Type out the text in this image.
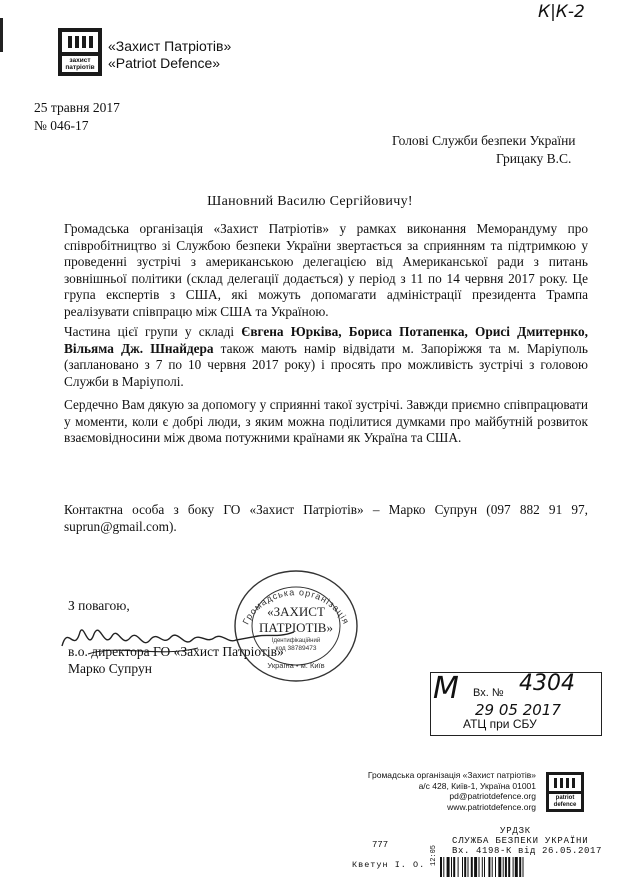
К|К-2
захист патріотів
«Захист Патріотів»
«Patriot Defence»
25 травня 2017
№ 046-17
Голові Служби безпеки України
Грицаку В.С.
Шановний Василю Сергійовичу!
Громадська організація «Захист Патріотів» у рамках виконання Меморандуму про співробітництво зі Службою безпеки України звертається за сприянням та підтримкою у проведенні зустрічі з американською делегацією від Американської ради з питань зовнішньої політики (склад делегації додається) у період з 11 по 14 червня 2017 року. Це група експертів з США, які можуть допомагати адміністрації президента Трампа реалізувати співпрацю між США та Україною.
Частина цієї групи у складі Євгена Юрківа, Бориса Потапенка, Орисі Дмитернко, Вільяма Дж. Шнайдера також мають намір відвідати м. Запоріжжя та м. Маріуполь (заплановано з 7 по 10 червня 2017 року) і просять про можливість зустрічі з головою Служби в Маріуполі.
Сердечно Вам дякую за допомогу у сприянні такої зустрічі. Завжди приємно співпрацювати у моменти, коли є добрі люди, з яким можна поділитися думками про майбутній розвиток взаємовідносини між двома потужними країнами як Україна та США.
Контактна особа з боку ГО «Захист Патріотів» – Марко Супрун (097 882 91 97, suprun@gmail.com).
З повагою,
в.о. директора ГО «Захист Патріотів»
Марко Супрун
Громадська організація
«ЗАХИСТ
ПАТРІОТІВ»
Ідентифікаційний
код 38789473
Україна • м. Київ
М Вх. № 4304
29 05 2017
АТЦ при СБУ
Громадська організація «Захист патріотів»
а/с 428, Київ-1, Україна 01001
pd@patriotdefence.org
www.patriotdefence.org
patriot defence
777
Кветун І. О.
УРДЗК
СЛУЖБА БЕЗПЕКИ УКРАЇНИ
Вх. 4198-К від 26.05.2017
12:05
